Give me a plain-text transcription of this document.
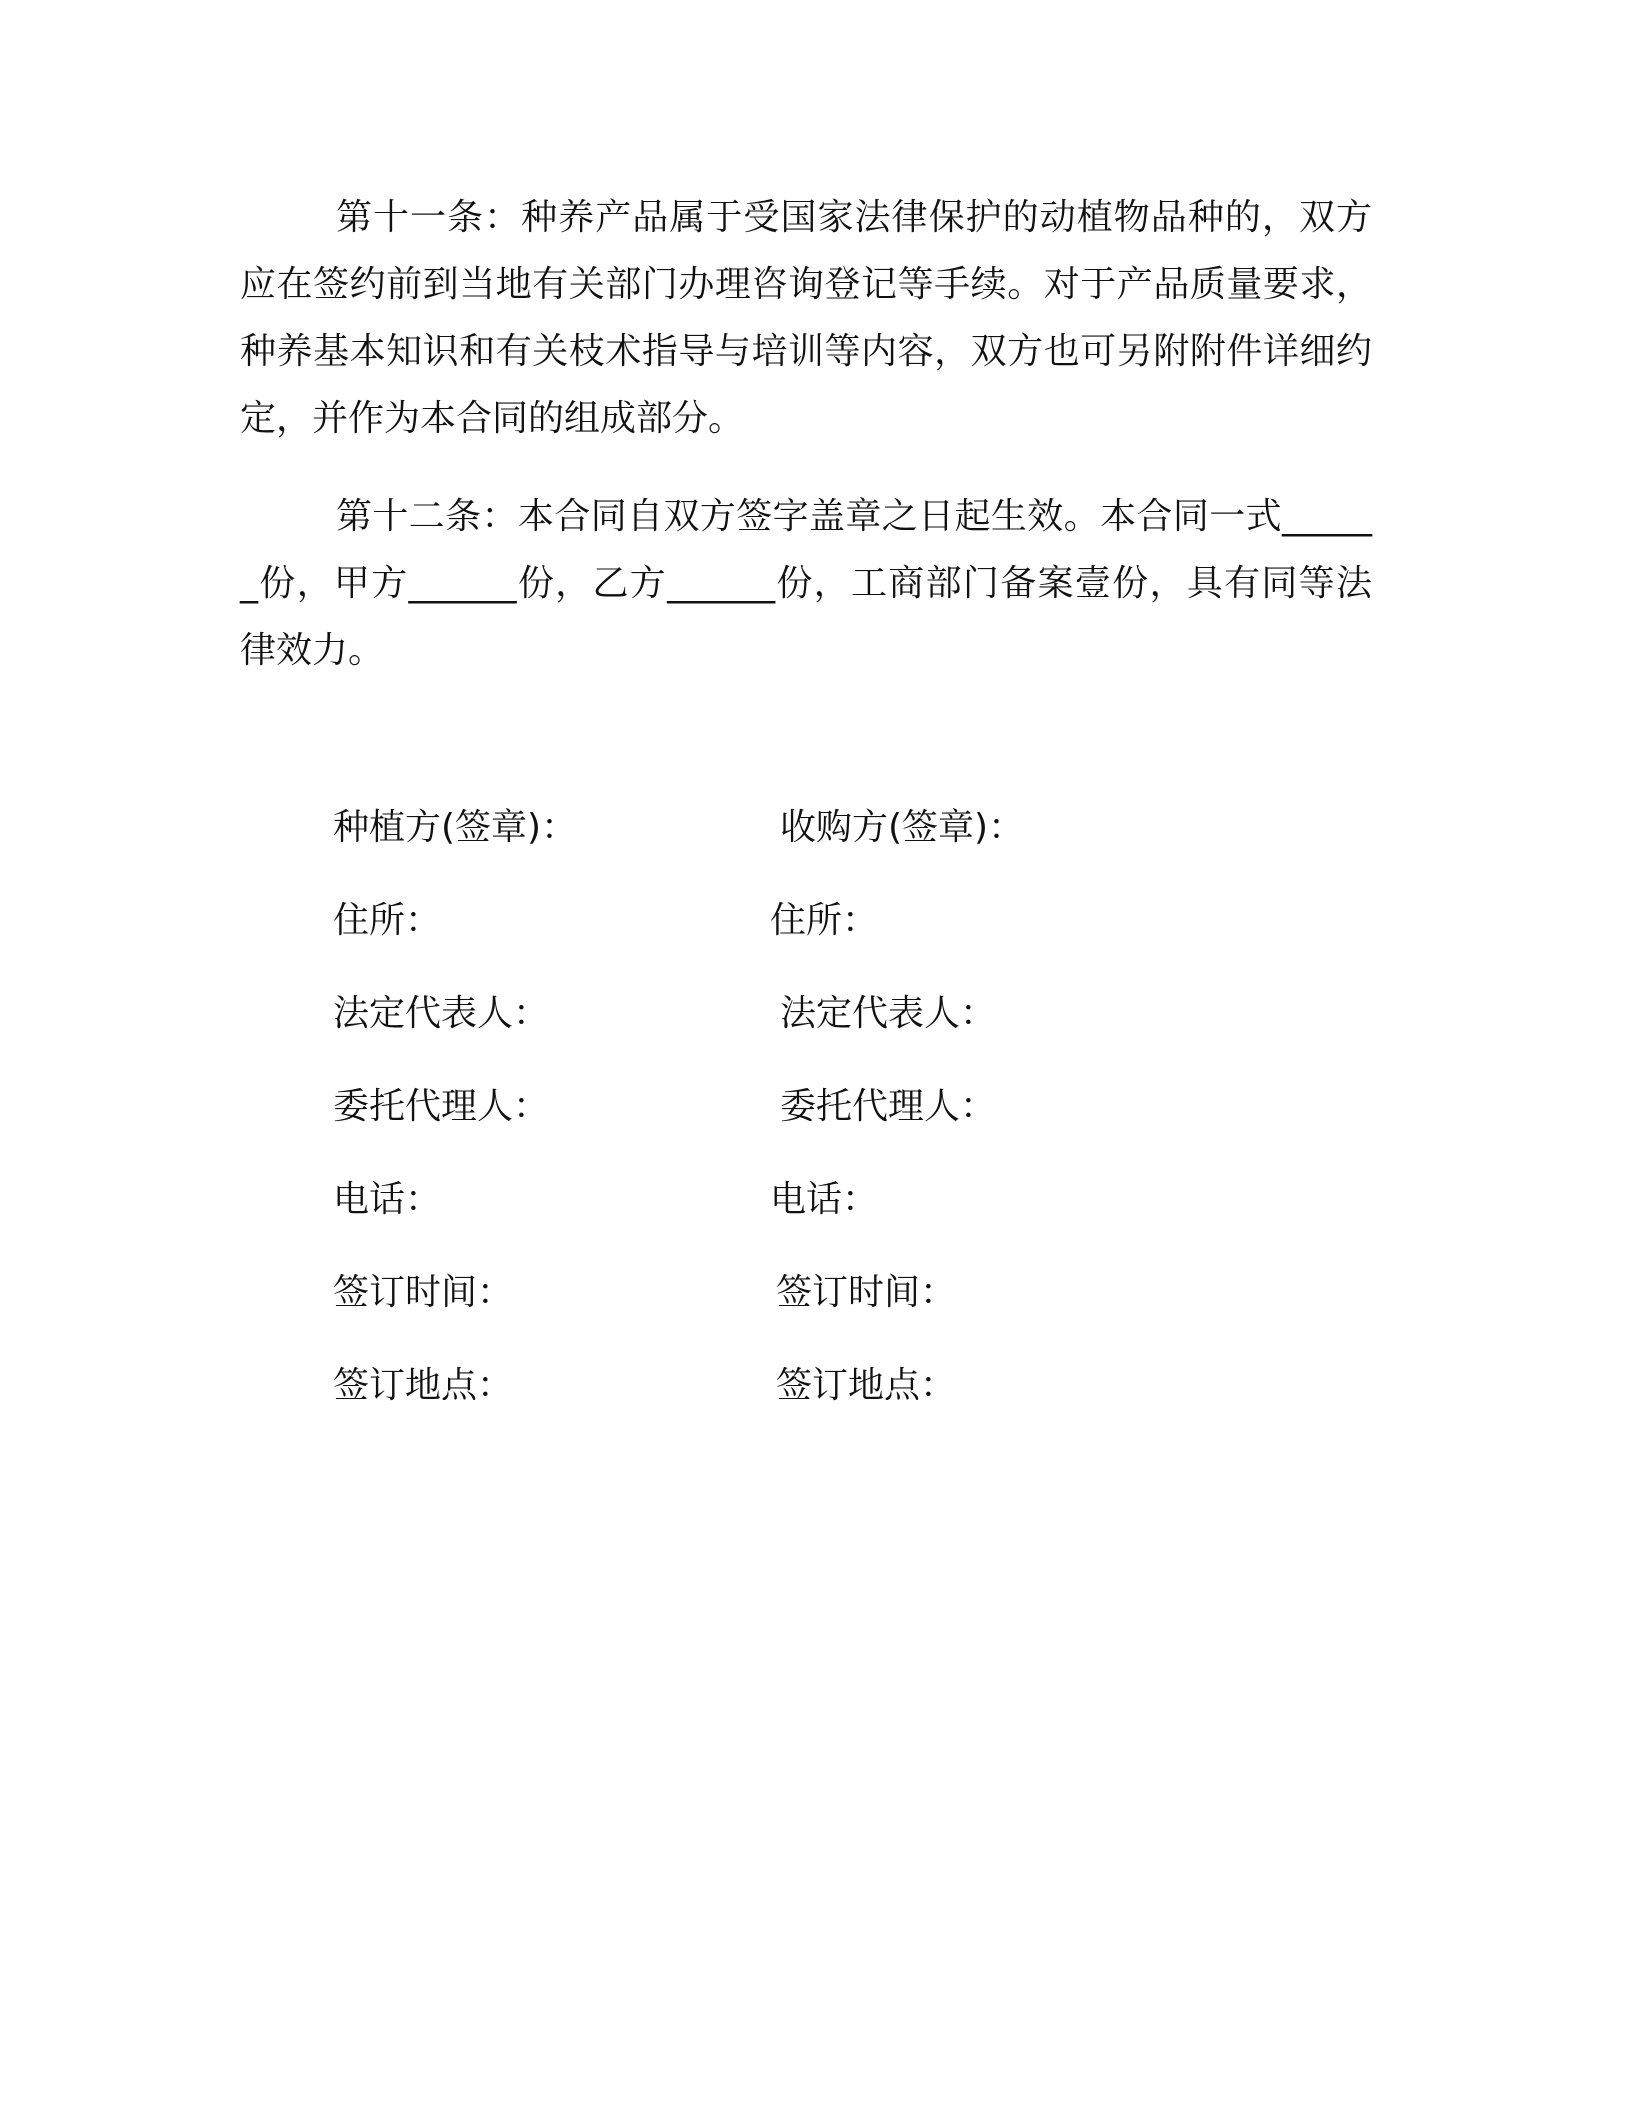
第十一条：种养产品属于受国家法律保护的动植物品种的，双方应在签约前到当地有关部门办理咨询登记等手续。对于产品质量要求，种养基本知识和有关枝术指导与培训等内容，双方也可另附附件详细约定，并作为本合同的组成部分。

第十二条：本合同自双方签字盖章之日起生效。本合同一式______份，甲方______份，乙方______份，工商部门备案壹份，具有同等法律效力。

种植方(签章)：
住所：
法定代表人：
委托代理人：
电话：
签订时间：
签订地点：
收购方(签章)：
住所：
法定代表人：
委托代理人：
电话：
签订时间：
签订地点：
